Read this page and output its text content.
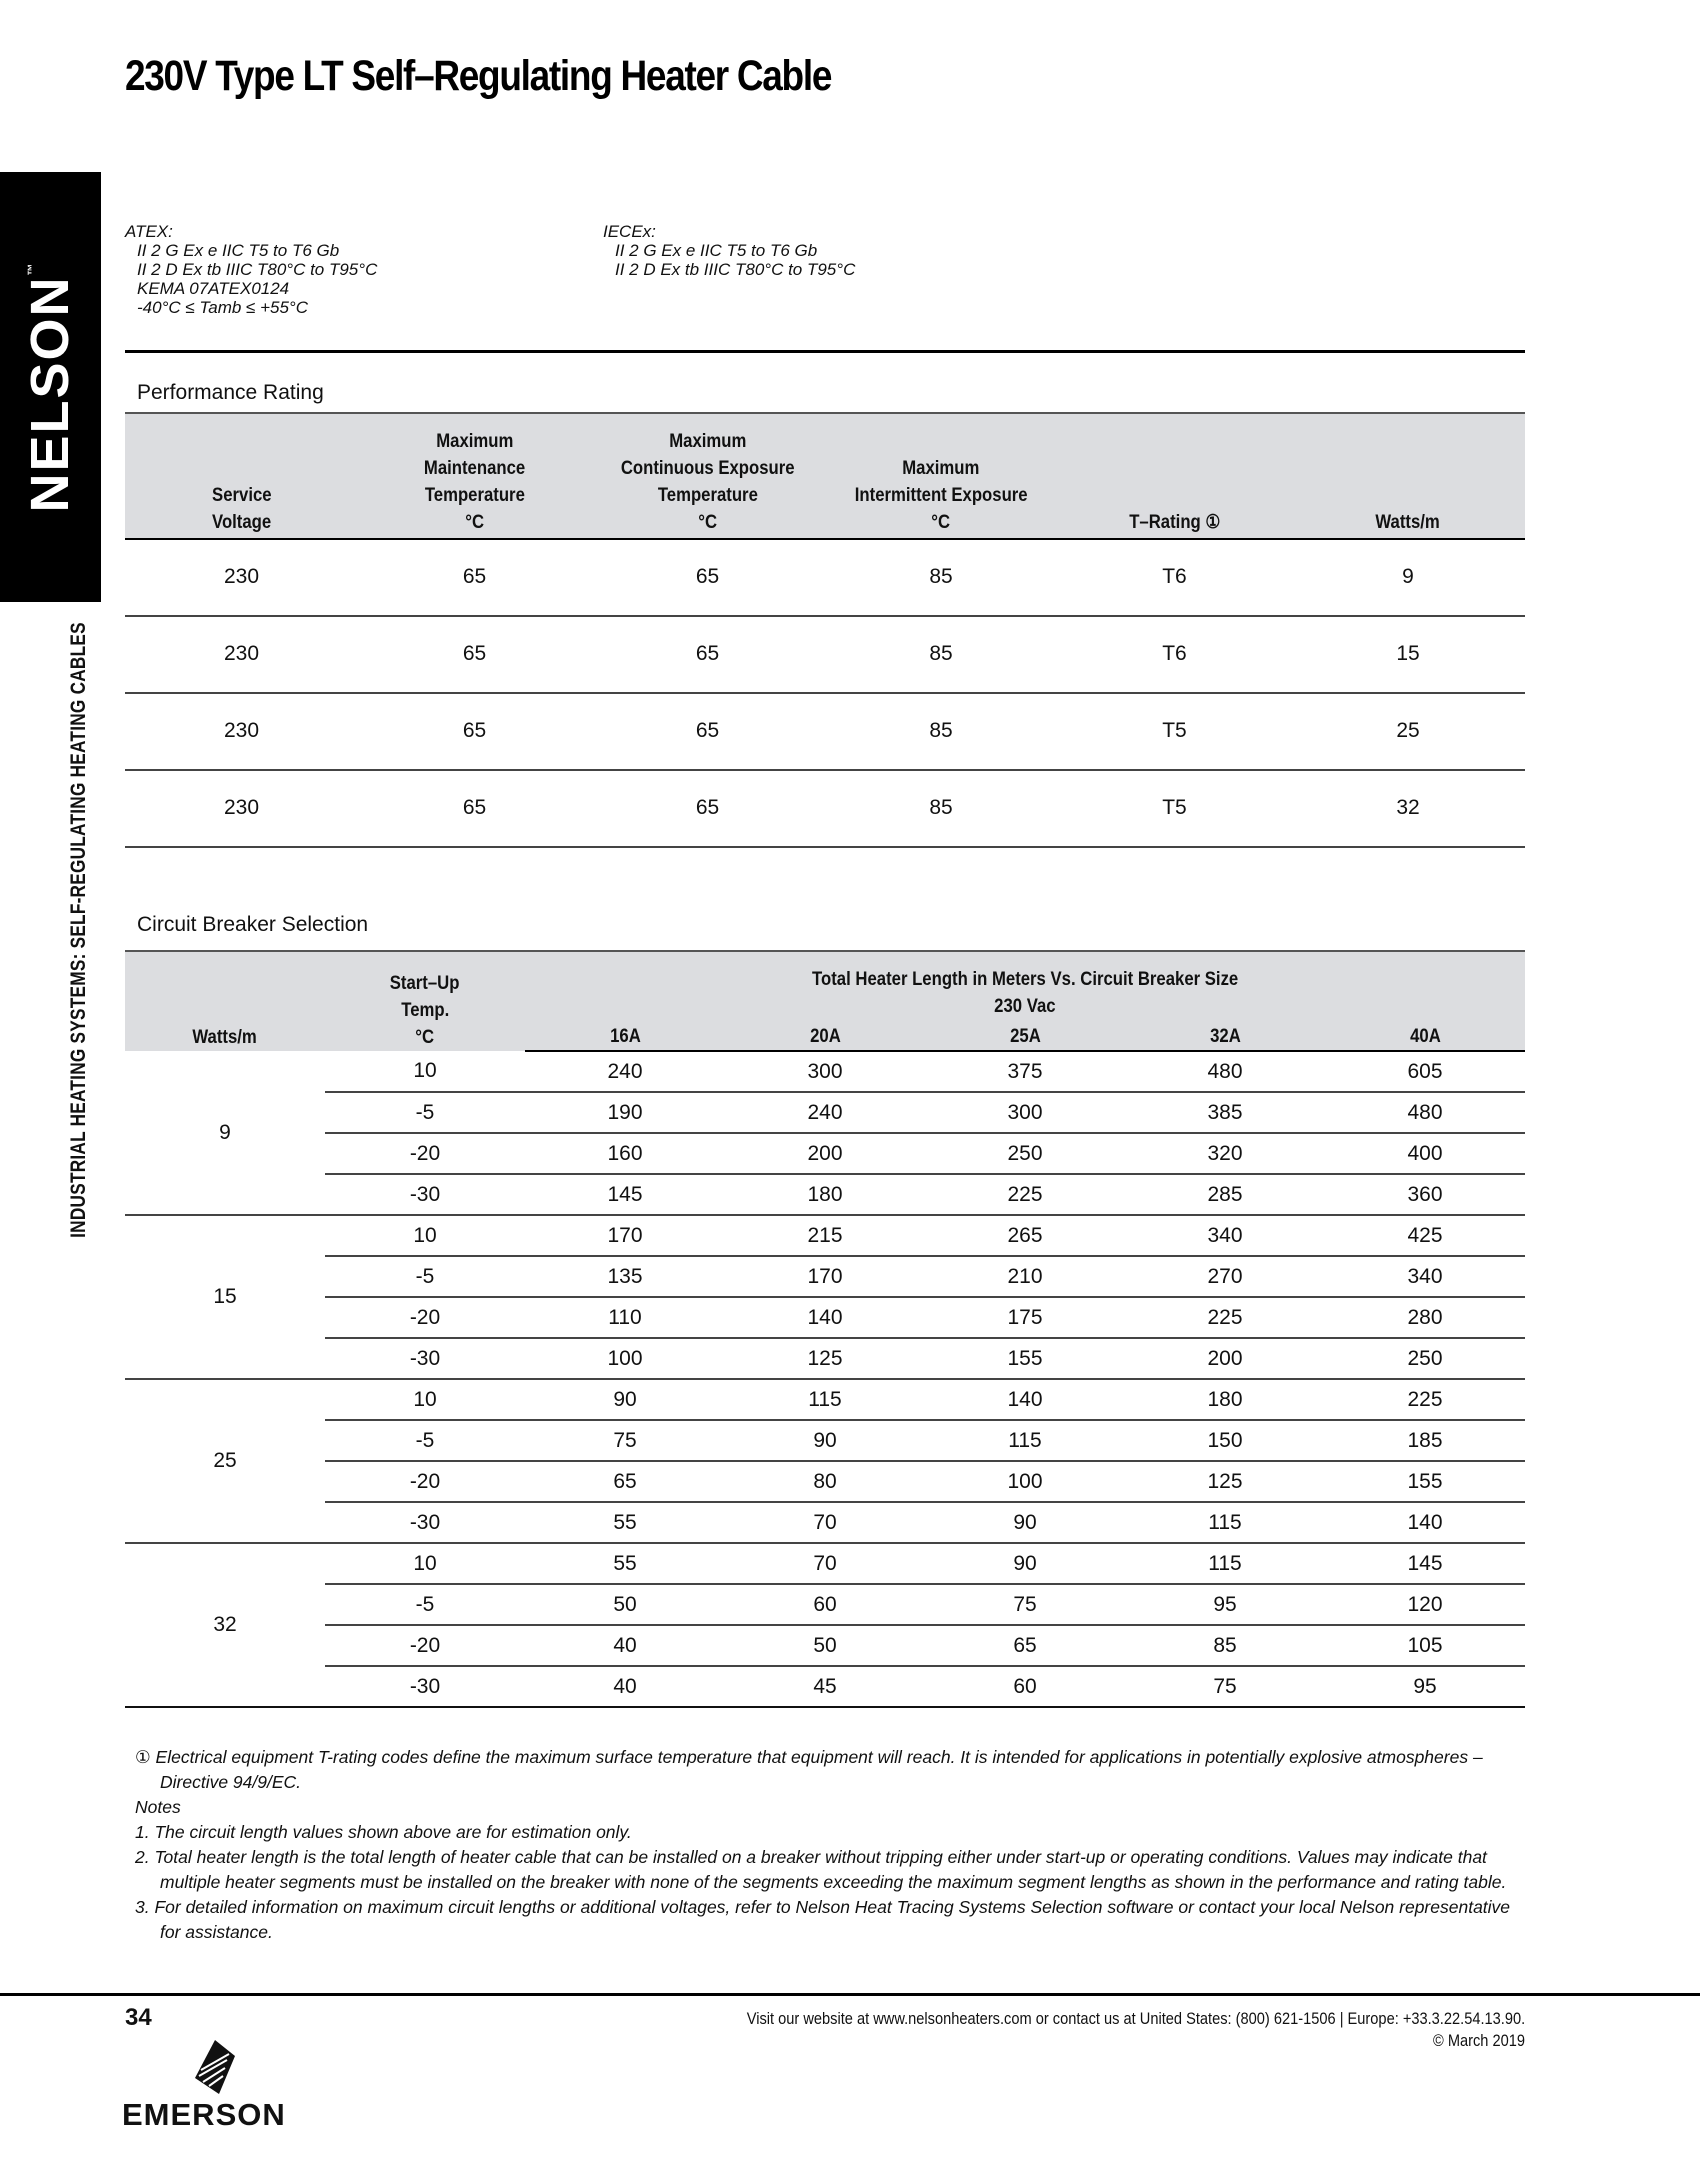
230V Type LT Self–Regulating Heater Cable
NELSON™
INDUSTRIAL HEATING SYSTEMS: SELF-REGULATING HEATING CABLES
ATEX:
II 2 G Ex e IIC T5 to T6 Gb
II 2 D Ex tb IIIC T80°C to T95°C
KEMA 07ATEX0124
-40°C ≤ Tamb ≤ +55°C
IECEx:
II 2 G Ex e IIC T5 to T6 Gb
II 2 D Ex tb IIIC T80°C to T95°C
Performance Rating
Service
Voltage	Maximum
Maintenance
Temperature
°C	Maximum
Continuous Exposure
Temperature
°C	Maximum
Intermittent Exposure
°C	T–Rating ①	Watts/m
230	65	65	85	T6	9
230	65	65	85	T6	15
230	65	65	85	T5	25
230	65	65	85	T5	32
Circuit Breaker Selection
Watts/m	Start–Up
Temp.
°C	Total Heater Length in Meters Vs. Circuit Breaker Size
230 Vac				
		16A	20A	25A	32A	40A
9	10	240	300	375	480	605
	-5	190	240	300	385	480
	-20	160	200	250	320	400
	-30	145	180	225	285	360
15	10	170	215	265	340	425
	-5	135	170	210	270	340
	-20	110	140	175	225	280
	-30	100	125	155	200	250
25	10	90	115	140	180	225
	-5	75	90	115	150	185
	-20	65	80	100	125	155
	-30	55	70	90	115	140
32	10	55	70	90	115	145
	-5	50	60	75	95	120
	-20	40	50	65	85	105
	-30	40	45	60	75	95
① Electrical equipment T-rating codes define the maximum surface temperature that equipment will reach. It is intended for applications in potentially explosive atmospheres – Directive 94/9/EC.
Notes
1. The circuit length values shown above are for estimation only.
2. Total heater length is the total length of heater cable that can be installed on a breaker without tripping either under start-up or operating conditions. Values may indicate that multiple heater segments must be installed on the breaker with none of the segments exceeding the maximum segment lengths as shown in the performance and rating table.
3. For detailed information on maximum circuit lengths or additional voltages, refer to Nelson Heat Tracing Systems Selection software or contact your local Nelson representative for assistance.
34	Visit our website at www.nelsonheaters.com or contact us at United States: (800) 621-1506 | Europe: +33.3.22.54.13.90.
© March 2019
EMERSON
